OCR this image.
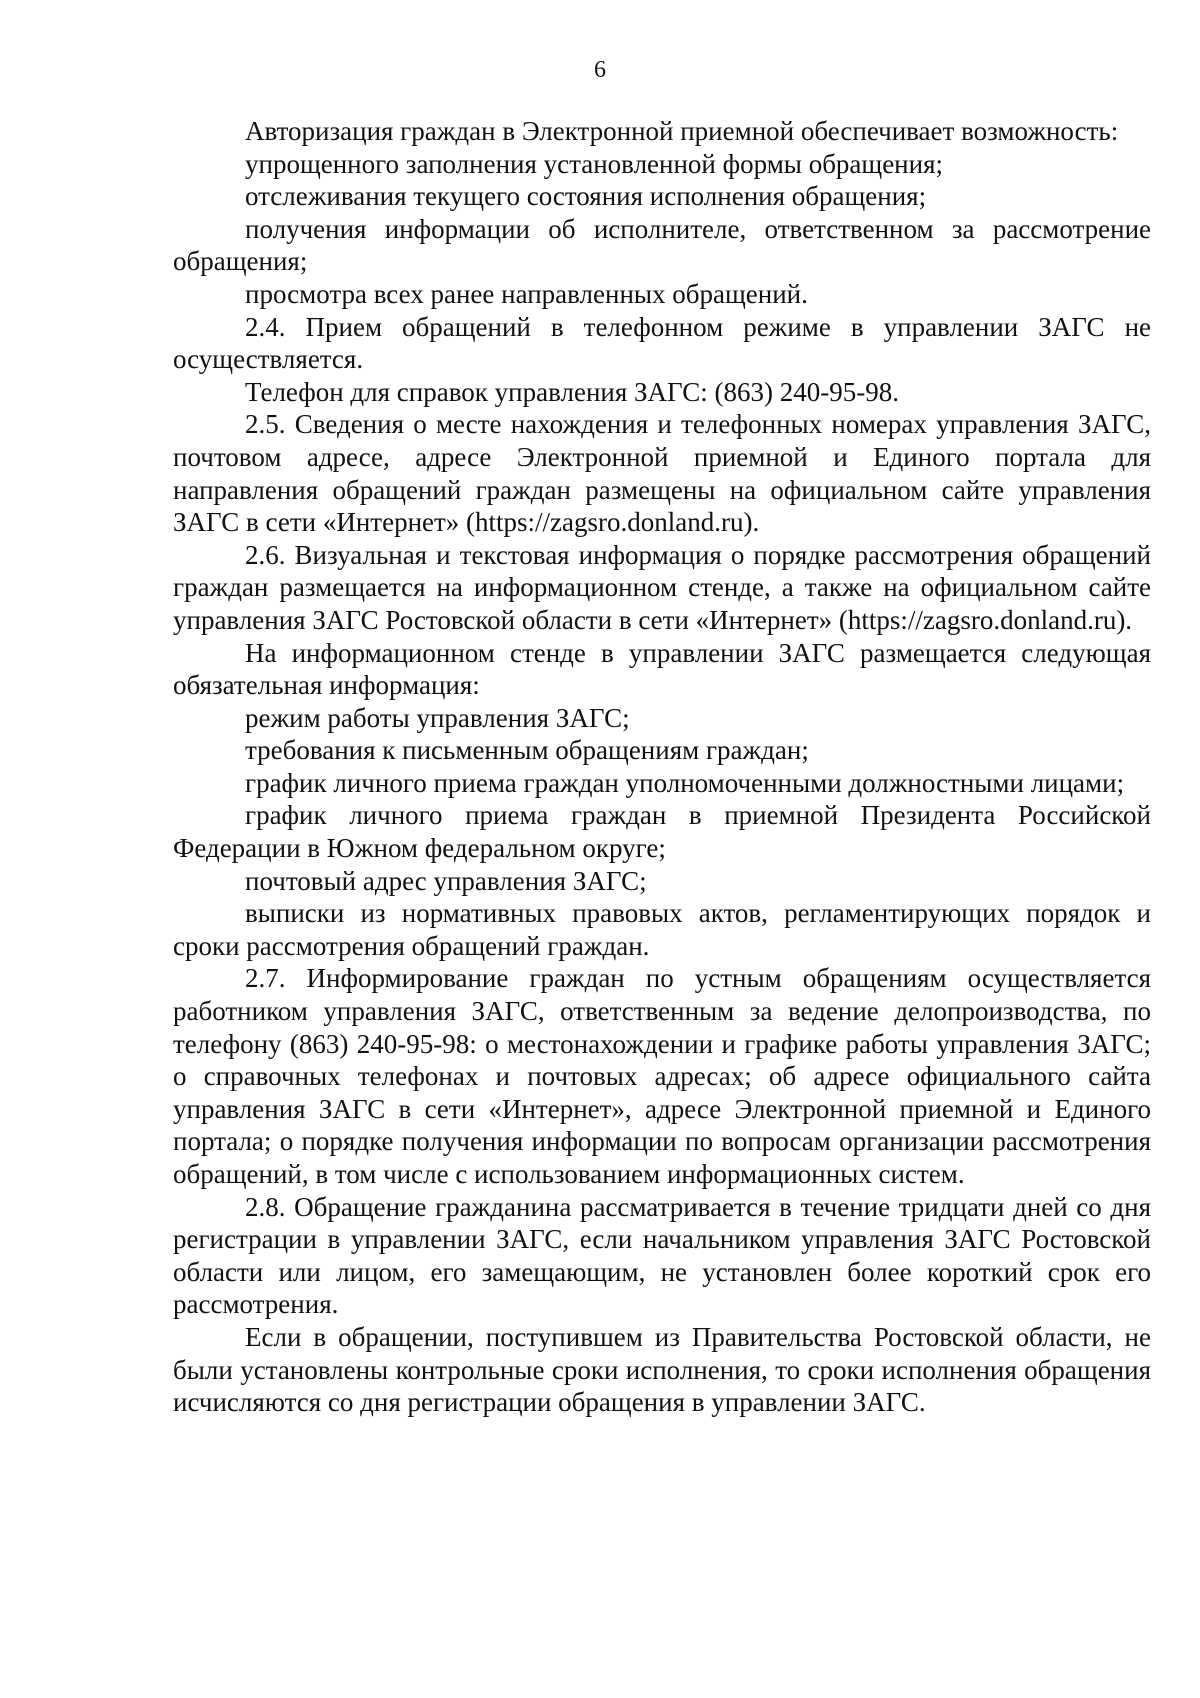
6

Авторизация граждан в Электронной приемной обеспечивает возможность:

упрощенного заполнения установленной формы обращения;

отслеживания текущего состояния исполнения обращения;

получения информации об исполнителе, ответственном за рассмотрение обращения;

просмотра всех ранее направленных обращений.

2.4. Прием обращений в телефонном режиме в управлении ЗАГС не осуществляется.

Телефон для справок управления ЗАГС: (863) 240-95-98.

2.5. Сведения о месте нахождения и телефонных номерах управления ЗАГС, почтовом адресе, адресе Электронной приемной и Единого портала для направления обращений граждан размещены на официальном сайте управления ЗАГС в сети «Интернет» (https://zagsro.donland.ru).

2.6. Визуальная и текстовая информация о порядке рассмотрения обращений граждан размещается на информационном стенде, а также на официальном сайте управления ЗАГС Ростовской области в сети «Интернет» (https://zagsro.donland.ru).

На информационном стенде в управлении ЗАГС размещается следующая обязательная информация:

режим работы управления ЗАГС;

требования к письменным обращениям граждан;

график личного приема граждан уполномоченными должностными лицами;

график личного приема граждан в приемной Президента Российской Федерации в Южном федеральном округе;

почтовый адрес управления ЗАГС;

выписки из нормативных правовых актов, регламентирующих порядок и сроки рассмотрения обращений граждан.

2.7. Информирование граждан по устным обращениям осуществляется работником управления ЗАГС, ответственным за ведение делопроизводства, по телефону (863) 240-95-98: о местонахождении и графике работы управления ЗАГС; о справочных телефонах и почтовых адресах; об адресе официального сайта управления ЗАГС в сети «Интернет», адресе Электронной приемной и Единого портала; о порядке получения информации по вопросам организации рассмотрения обращений, в том числе с использованием информационных систем.

2.8. Обращение гражданина рассматривается в течение тридцати дней со дня регистрации в управлении ЗАГС, если начальником управления ЗАГС Ростовской области или лицом, его замещающим, не установлен более короткий срок его рассмотрения.

Если в обращении, поступившем из Правительства Ростовской области, не были установлены контрольные сроки исполнения, то сроки исполнения обращения исчисляются со дня регистрации обращения в управлении ЗАГС.
